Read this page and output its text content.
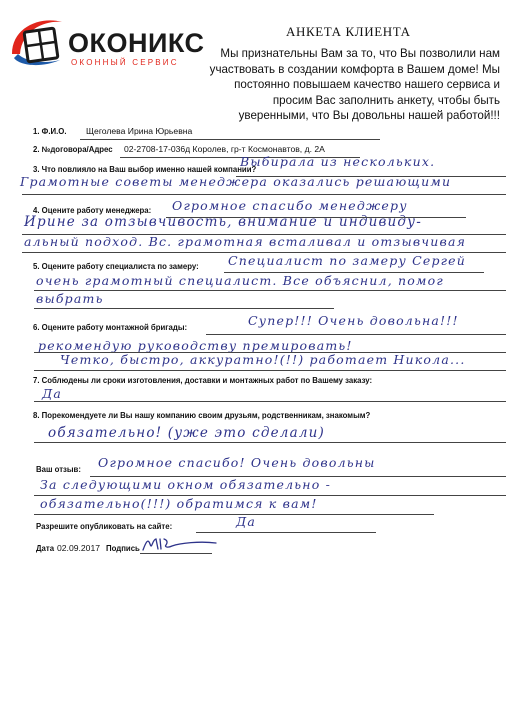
ОКОНИКС
ОКОННЫЙ СЕРВИС
АНКЕТА КЛИЕНТА
Мы признательны Вам за то, что Вы позволили нам участвовать в создании комфорта в Вашем доме! Мы постоянно повышаем качество нашего сервиса и просим Вас заполнить анкету, чтобы быть уверенными, что Вы довольны нашей работой!!!
1. Ф.И.О. Щеголева Ирина Юрьевна
2. №договора/Адрес 02-2708-17-036д Королев, гр-т Космонавтов, д. 2А
3. Что повлияло на Ваш выбор именно нашей компании?
Выбирала из нескольких.
Грамотные советы менеджера оказались решающими
4. Оцените работу менеджера: Огромное спасибо менеджеру
Ирине за отзывчивость, внимание и индивиду-
альный подход. Вс. грамотная всталивал и отзывчивая
5. Оцените работу специалиста по замеру: Специалист по замеру Сергей
очень грамотный специалист. Все объяснил, помог
выбрать
6. Оцените работу монтажной бригады:	Супер!!! Очень довольна!!!
рекомендую руководству премировать!
Четко, быстро, аккуратно!(!!) работает Никола...
7. Соблюдены ли сроки изготовления, доставки и монтажных работ по Вашему заказу:
Да
8. Порекомендуете ли Вы нашу компанию своим друзьям, родственникам, знакомым?
обязательно! (уже это сделали)
Ваш отзыв: Огромное спасибо! Очень довольны
За следующими окном обязательно -
обязательно(!!!) обратимся к вам!
Разрешите опубликовать на сайте:	Да
Дата 02.09.2017 Подпись
